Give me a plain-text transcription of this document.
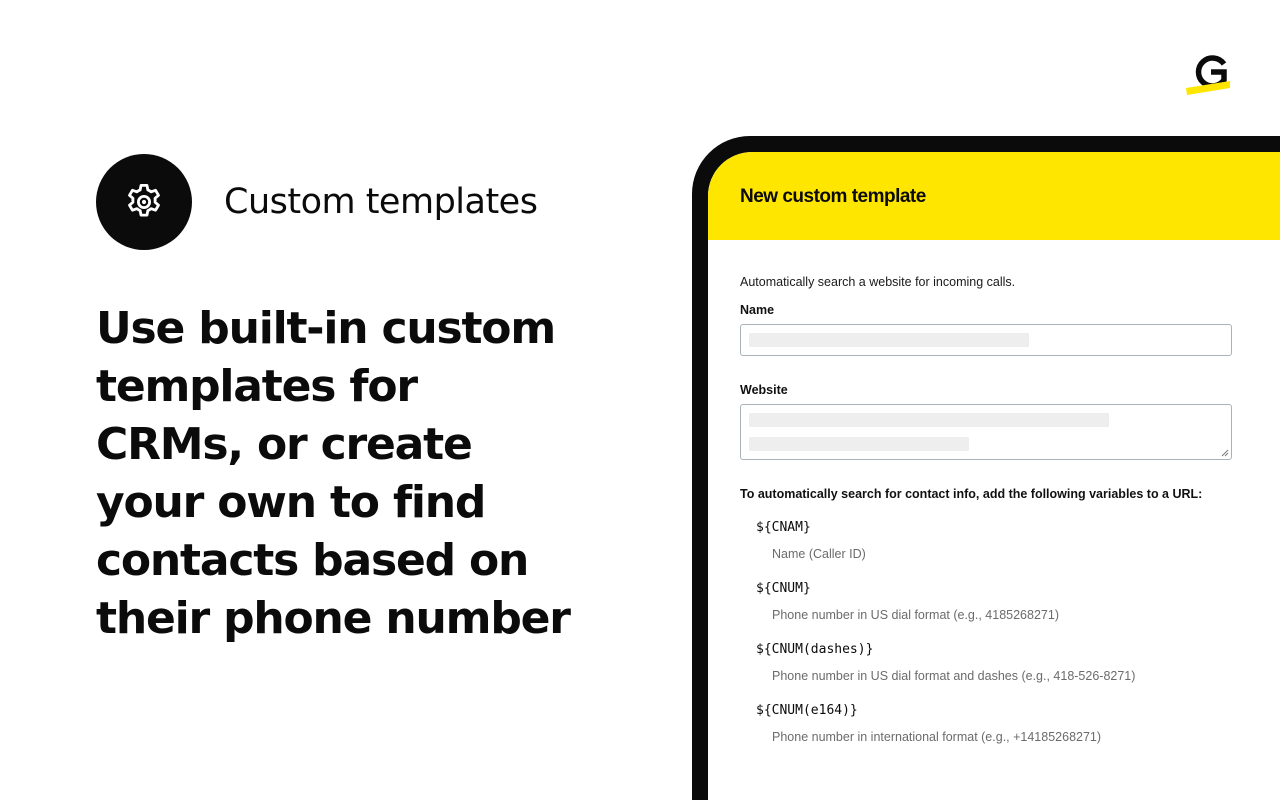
Custom templates
Use built-in custom
templates for
CRMs, or create
your own to find
contacts based on
their phone number
New custom template
Automatically search a website for incoming calls.
Name
Website
To automatically search for contact info, add the following variables to a URL:
${CNAM}
Name (Caller ID)
${CNUM}
Phone number in US dial format (e.g., 4185268271)
${CNUM(dashes)}
Phone number in US dial format and dashes (e.g., 418-526-8271)
${CNUM(e164)}
Phone number in international format (e.g., +14185268271)
